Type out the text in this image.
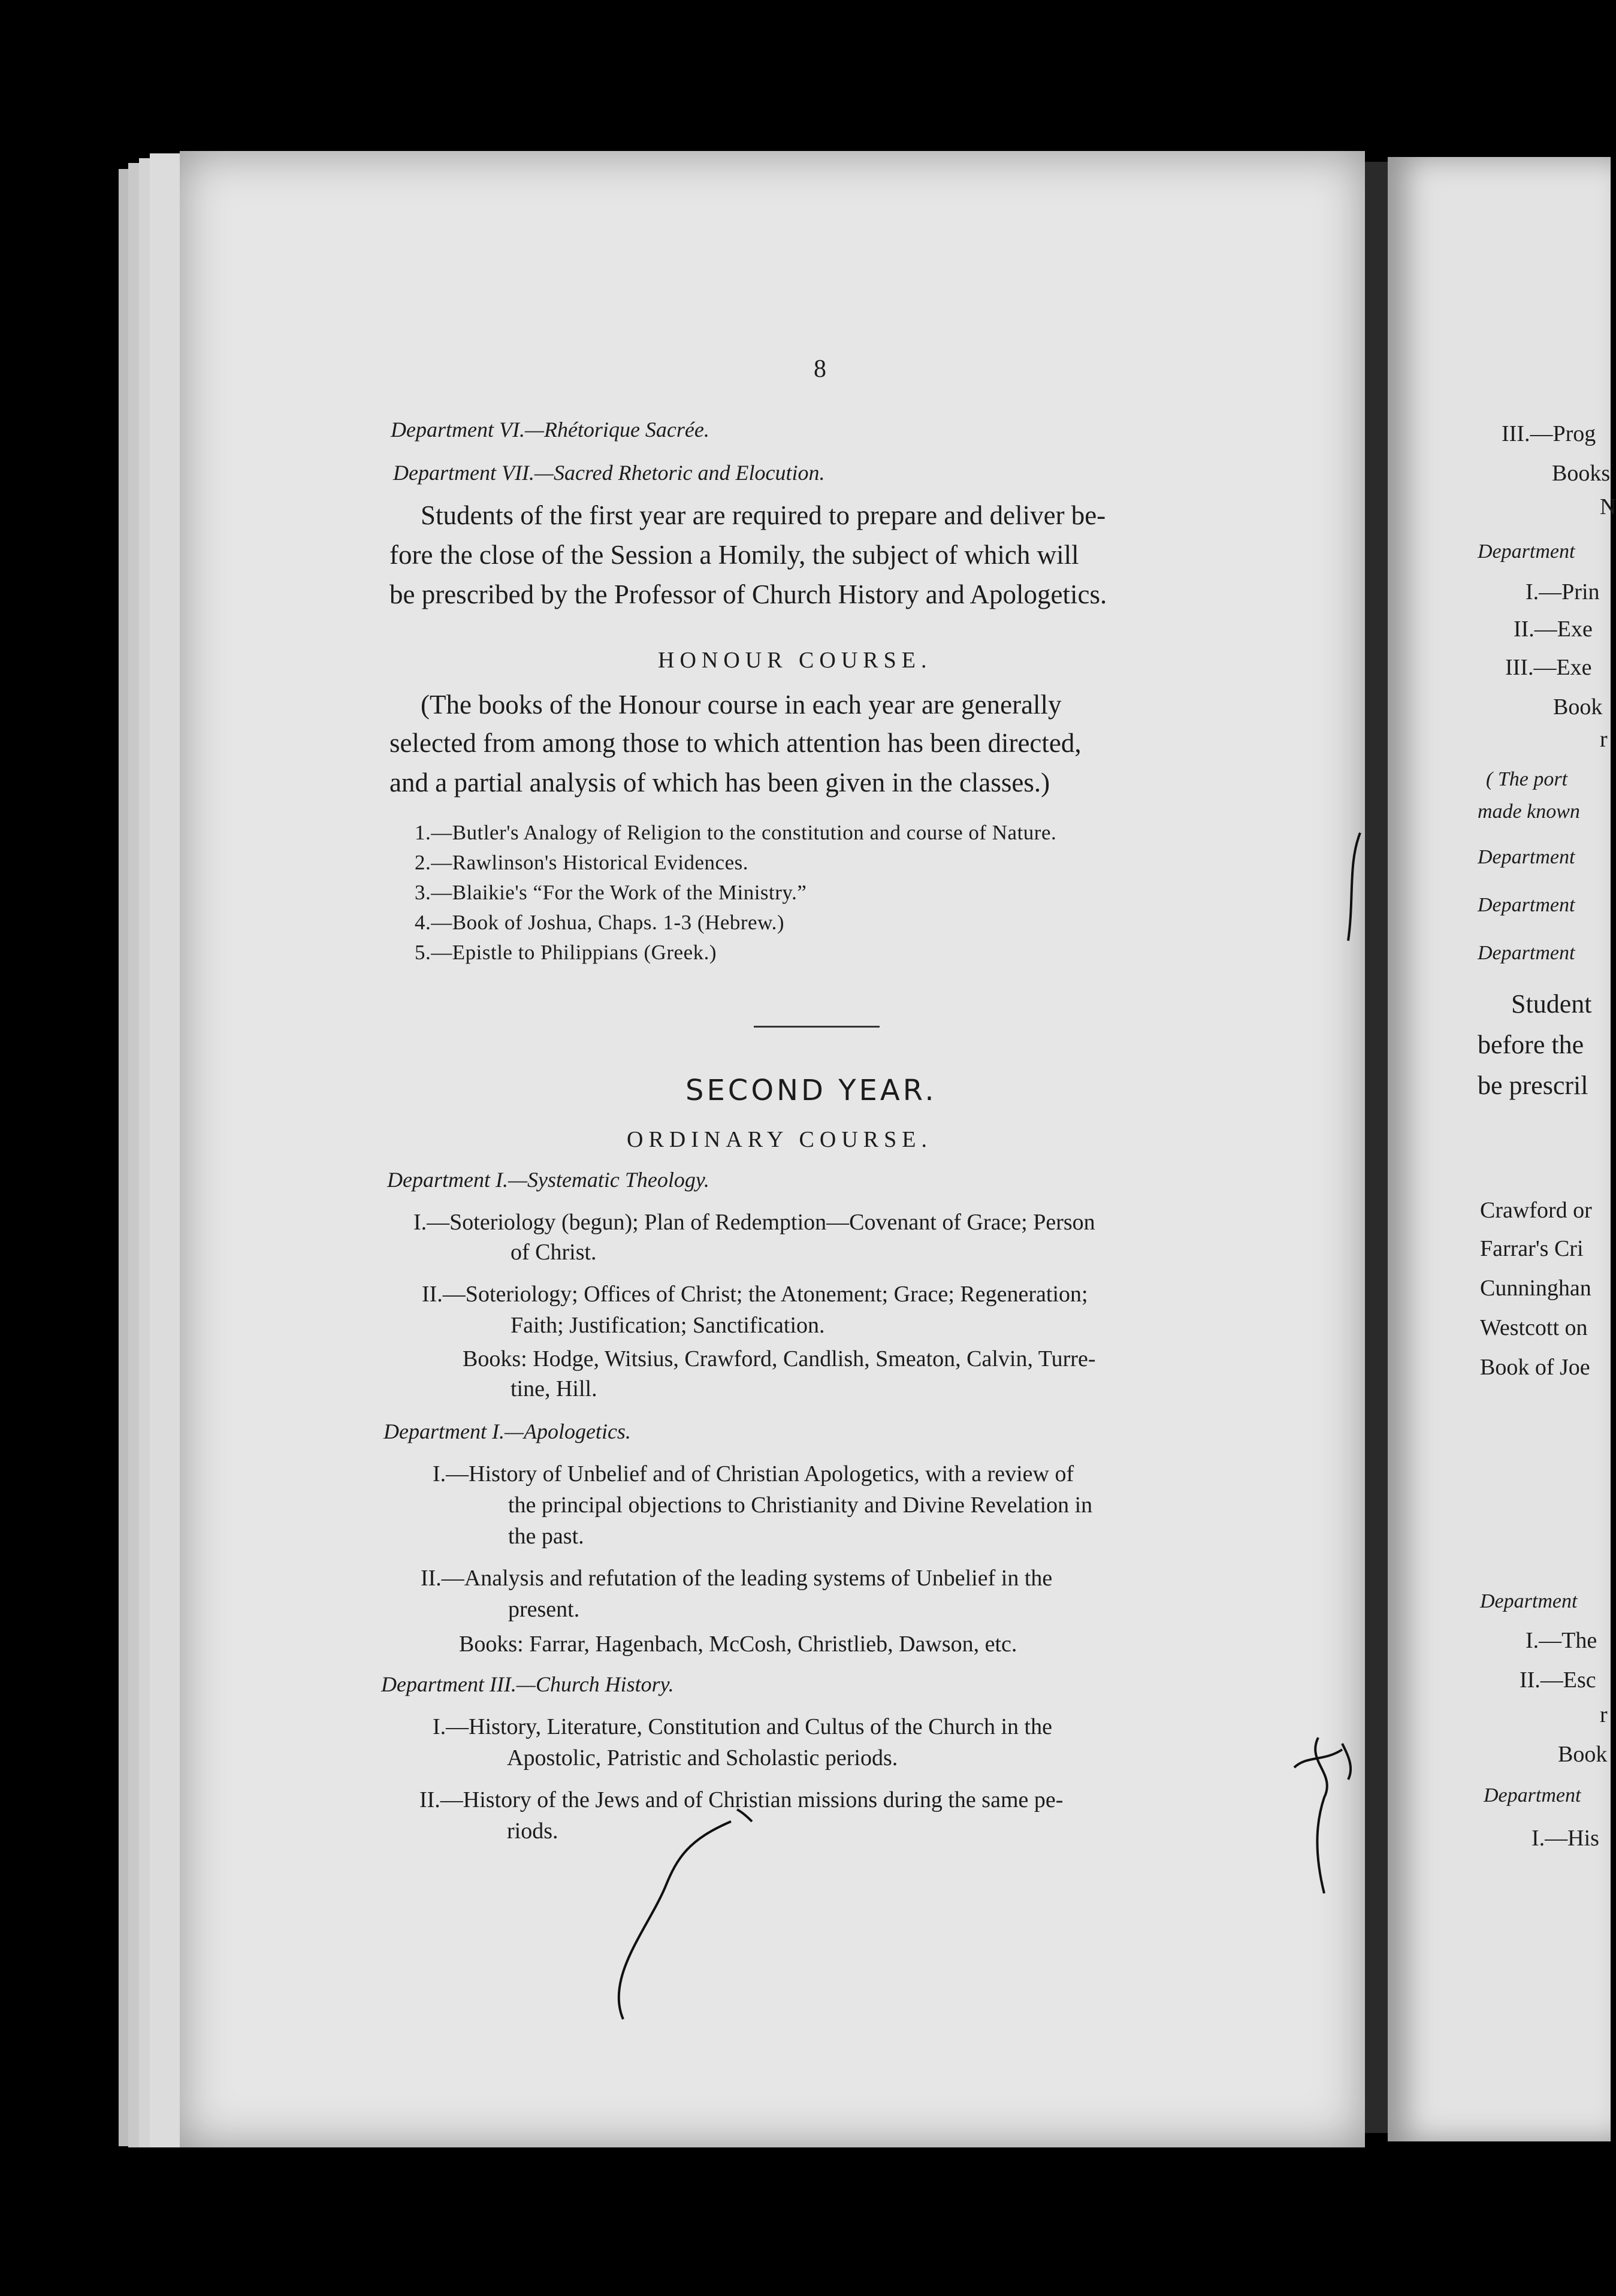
8
Department VI.—Rhétorique Sacrée.
Department VII.—Sacred Rhetoric and Elocution.
Students of the first year are required to prepare and deliver be-
fore the close of the Session a Homily, the subject of which will
be prescribed by the Professor of Church History and Apologetics.
HONOUR COURSE.
(The books of the Honour course in each year are generally
selected from among those to which attention has been directed,
and a partial analysis of which has been given in the classes.)
1.—Butler's Analogy of Religion to the constitution and course of Nature.
2.—Rawlinson's Historical Evidences.
3.—Blaikie's “For the Work of the Ministry.”
4.—Book of Joshua, Chaps. 1-3 (Hebrew.)
5.—Epistle to Philippians (Greek.)
SECOND YEAR.
ORDINARY COURSE.
Department I.—Systematic Theology.
I.—Soteriology (begun); Plan of Redemption—Covenant of Grace; Person
of Christ.
II.—Soteriology; Offices of Christ; the Atonement; Grace; Regeneration;
Faith; Justification; Sanctification.
Books: Hodge, Witsius, Crawford, Candlish, Smeaton, Calvin, Turre-
tine, Hill.
Department I.—Apologetics.
I.—History of Unbelief and of Christian Apologetics, with a review of
the principal objections to Christianity and Divine Revelation in
the past.
II.—Analysis and refutation of the leading systems of Unbelief in the
present.
Books: Farrar, Hagenbach, McCosh, Christlieb, Dawson, etc.
Department III.—Church History.
I.—History, Literature, Constitution and Cultus of the Church in the
Apostolic, Patristic and Scholastic periods.
II.—History of the Jews and of Christian missions during the same pe-
riods.
III.—Prog
Books
N
Department
I.—Prin
II.—Exe
III.—Exe
Book
r
( The port
made known
Department
Department
Department
Student
before the
be prescril
Crawford or
Farrar's Cri
Cunninghan
Westcott on
Book of Joe
Department
I.—The
II.—Esc
r
Book
Department
I.—His
